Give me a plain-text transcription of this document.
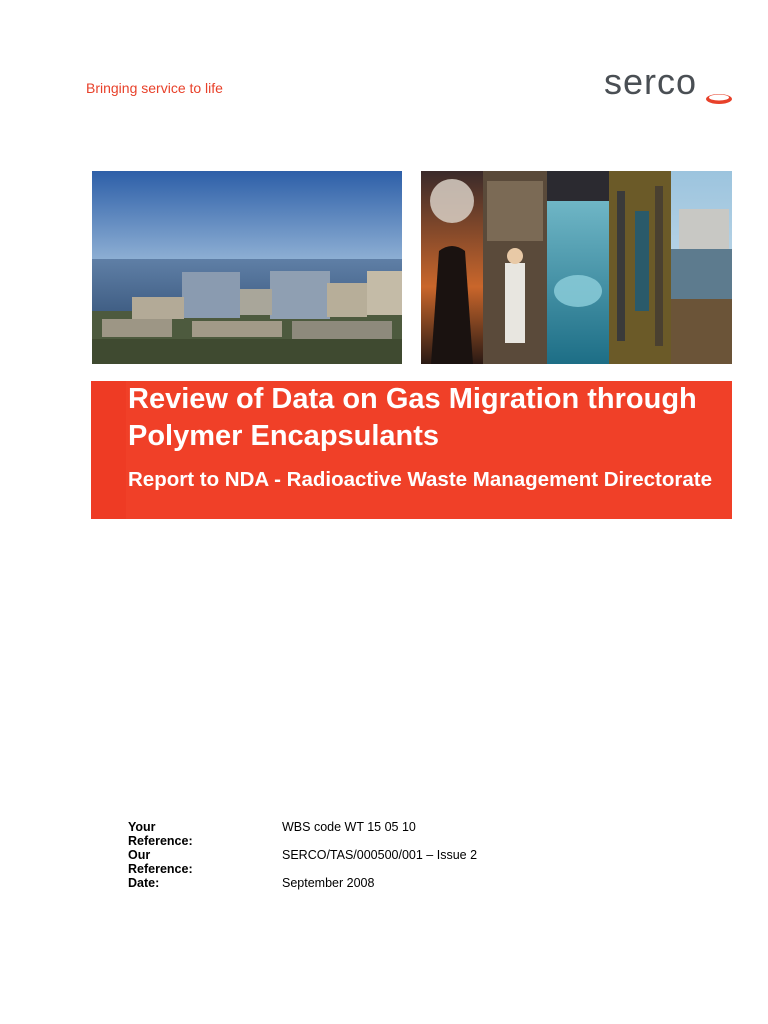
Bringing service to life	serco
Review of Data on Gas Migration through Polymer Encapsulants
Report to NDA - Radioactive Waste Management Directorate
Your Reference:
WBS code WT 15 05 10
Our Reference:
SERCO/TAS/000500/001 – Issue 2
Date:	September 2008
